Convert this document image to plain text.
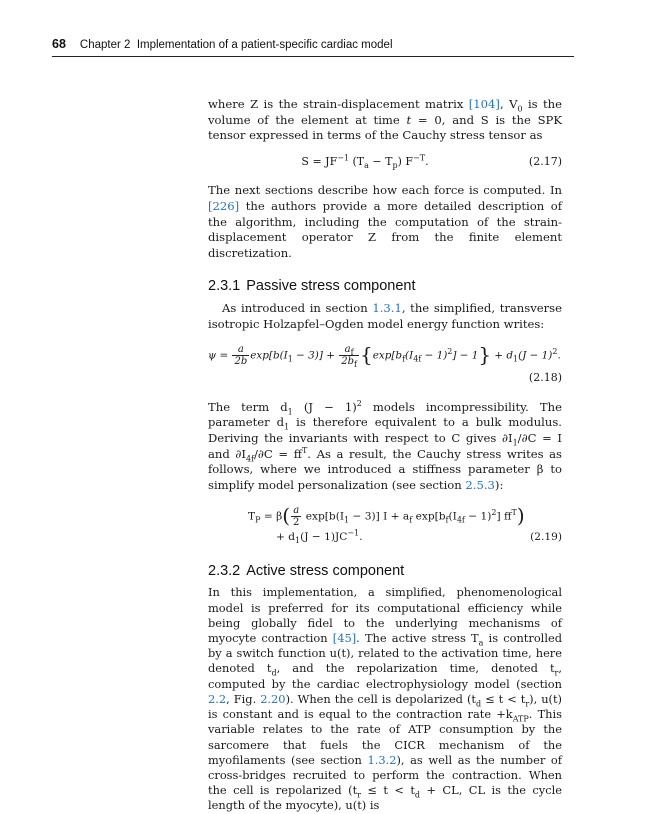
68 Chapter 2
Implementation of a patient-specific cardiac model

where Z is the strain-displacement matrix [104], $V_0$ is the volume of the element at time t = 0, and S is the SPK tensor expressed in terms of the Cauchy stress tensor as

$S = JF^{-1}$ $(T_a - T_p)$ $F^{-T}$.	(2.17)

The next sections describe how each force is computed. In [226] the authors provide a more detailed description of the algorithm, including the computation of the strain-displacement operator Z from the finite element discretization.

2.3.1 Passive stress component

As introduced in section 1.3.1, the simplified, transverse isotropic Holzapfel–Ogden model energy function writes:

$\psi = \frac{a}{2b} \exp[b(I_1 - 3)] + \frac{a_f}{2b_f} \{\exp[b_f(I_{4f} - 1)^2] - 1\} + d_1(J - 1)^2$.
(2.18)

The term $d_1$ $(J - 1)^2$ models incompressibility. The parameter $d_1$ is therefore equivalent to a bulk modulus. Deriving the invariants with respect to C gives $\partial I_1/\partial C = I$ and $\partial I_{4f}/\partial C = ff^T$. As a result, the Cauchy stress writes as follows, where we introduced a stiffness parameter β to simplify model personalization (see section 2.5.3):

$T_P = \beta( \frac{a}{2} \exp[b(I_1 - 3)] I + a_f$ $\exp[b_f(I_{4f} - 1)^2]$ $ff^T$)
+ $d_1(J - 1)JC^{-1}$.	(2.19)
2.3.2 Active stress component

In this implementation, a simplified, phenomenological model is preferred for its computational efficiency while being globally fidel to the underlying mechanisms of myocyte contraction [45]. The active stress $T_a$ is controlled by a switch function u(t), related to the activation time, here denoted $t_d$, and the repolarization time, denoted $t_r$, computed by the cardiac electrophysiology model (section 2.2, Fig. 2.20). When the cell is depolarized $(t_d \le t < t_r)$, u(t) is constant and is equal to the contraction rate $+k_{ATP}$. This variable relates to the rate of ATP consumption by the sarcomere that fuels the CICR mechanism of the myofilaments (see section 1.3.2), as well as the number of cross-bridges recruited to perform the contraction. When the cell is repolarized ($t_r \le t < t_d$ + CL, CL is the cycle length of the myocyte), u(t) is
